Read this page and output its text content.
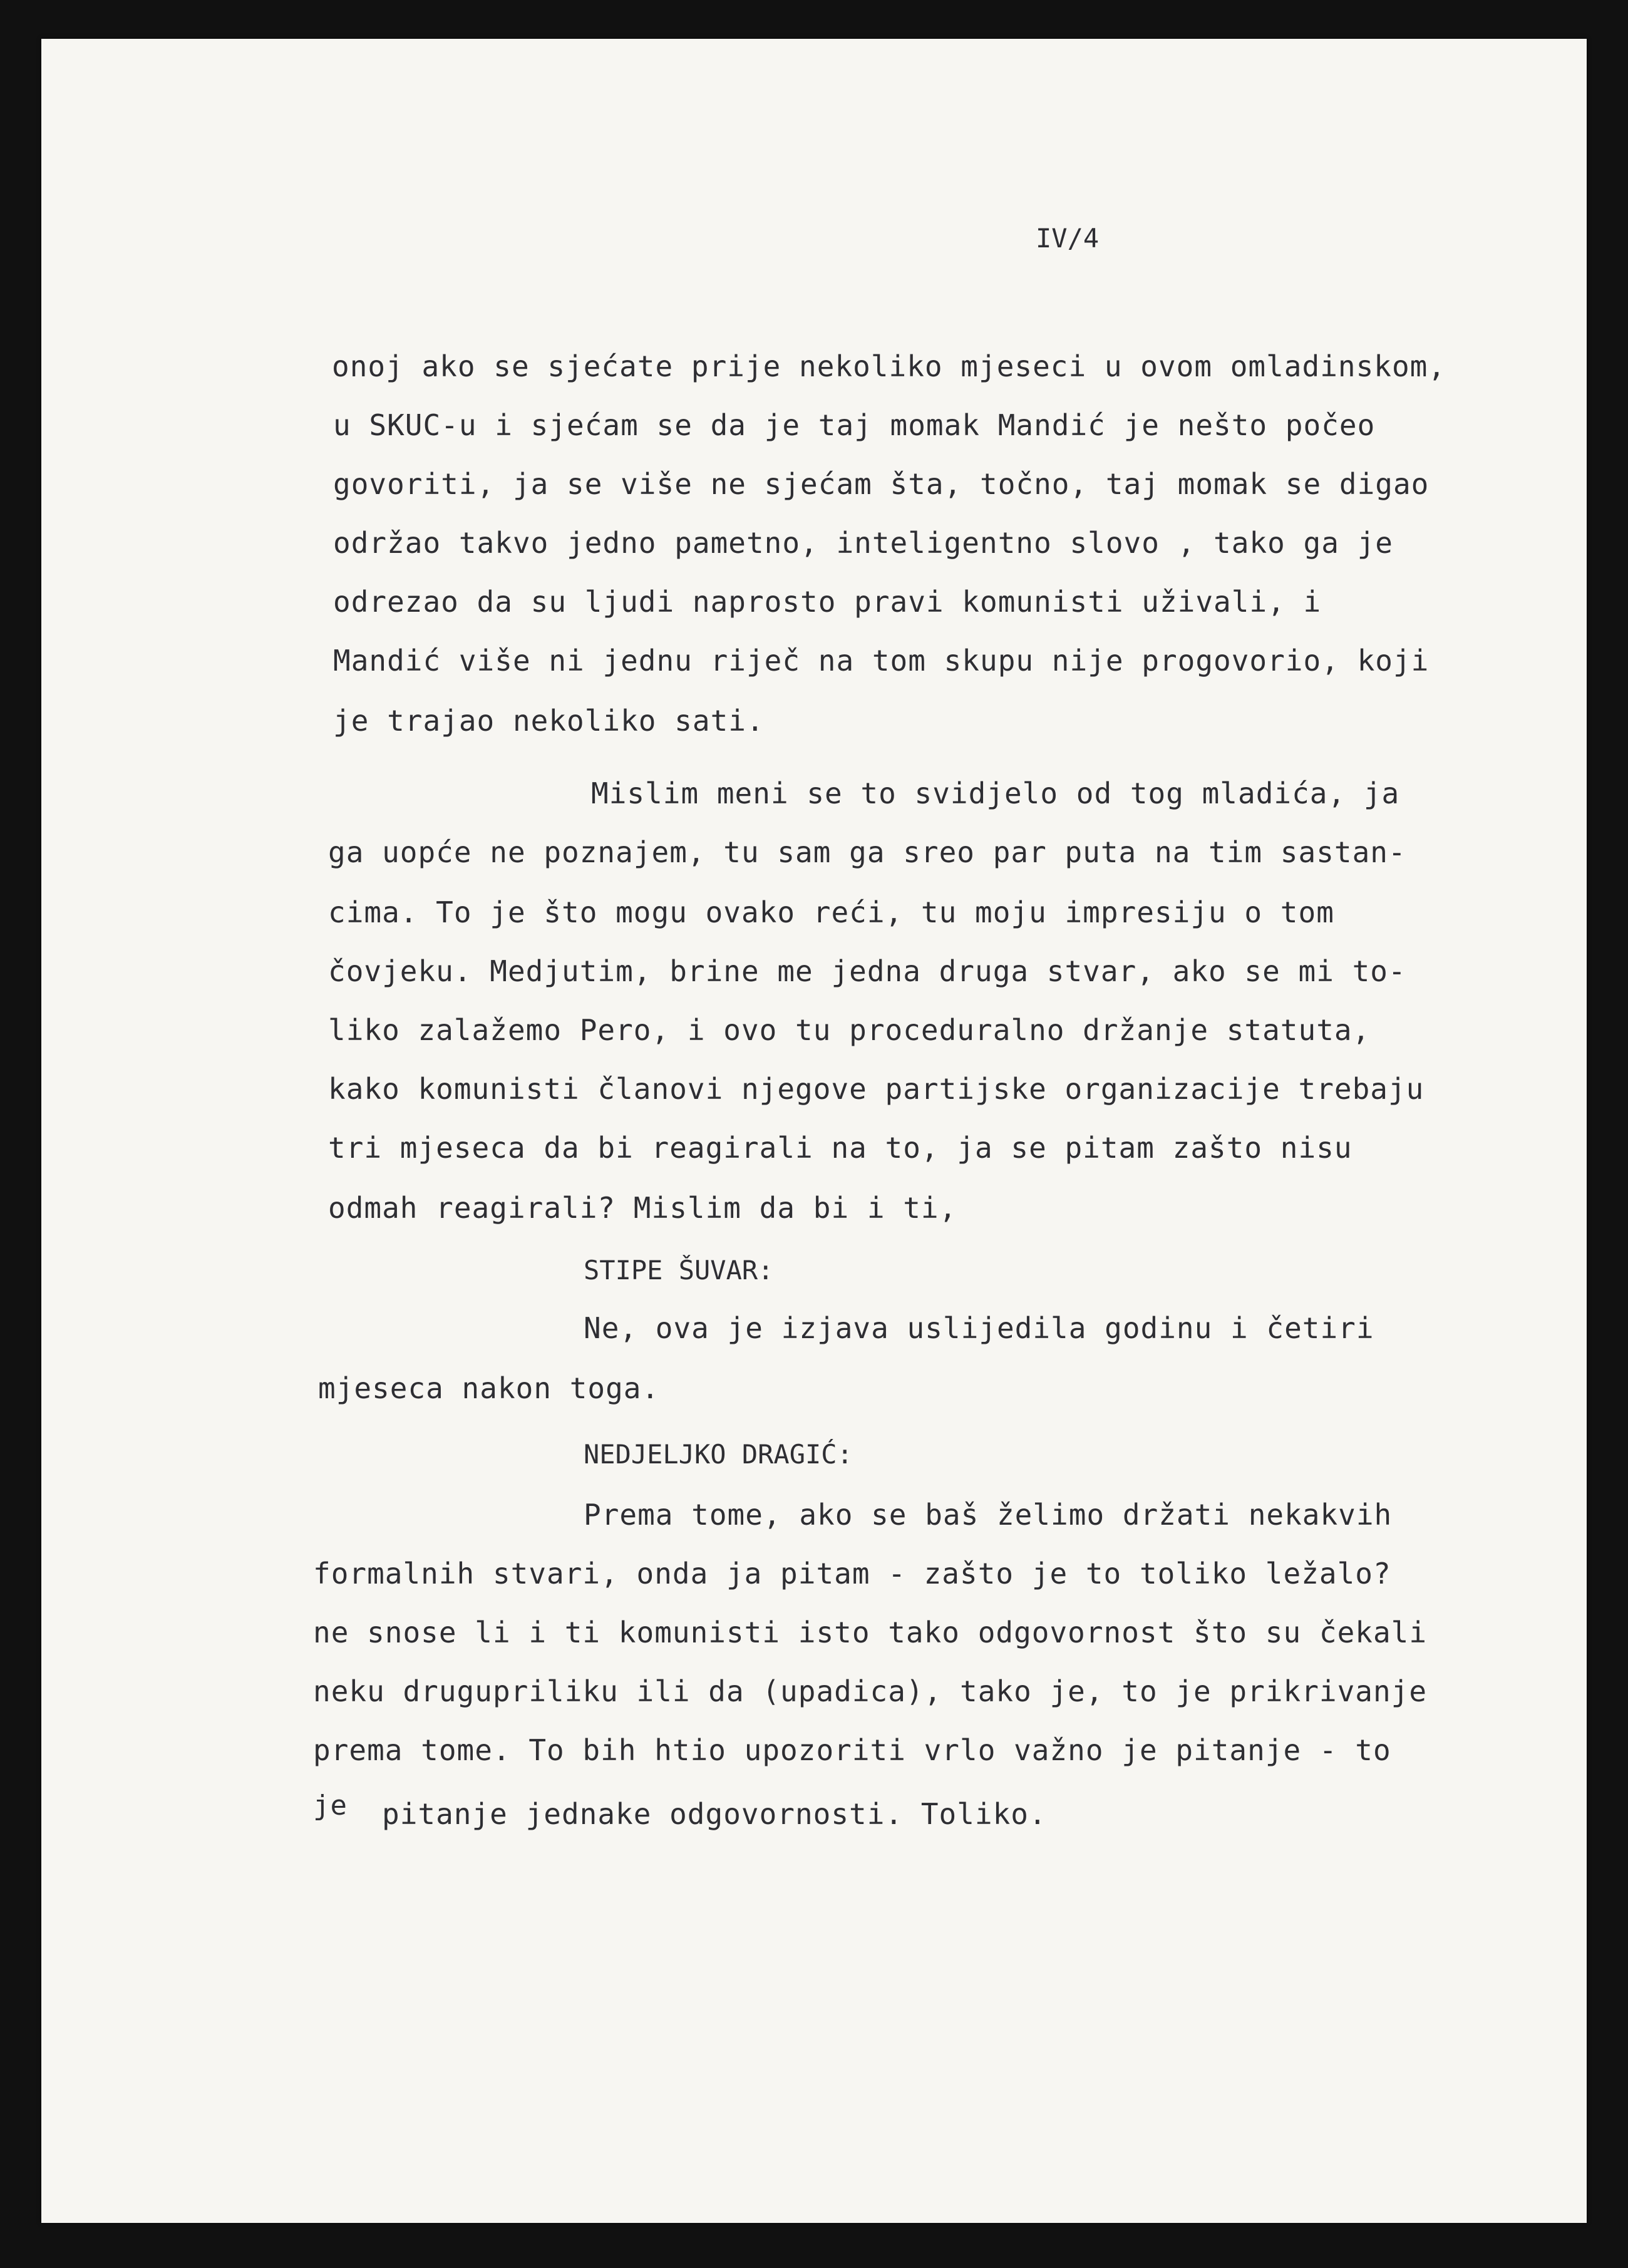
IV/4
onoj ako se sjećate prije nekoliko mjeseci u ovom omladinskom,
u SKUC-u i sjećam se da je taj momak Mandić je nešto počeo
govoriti, ja se više ne sjećam šta, točno, taj momak se digao
održao takvo jedno pametno, inteligentno slovo , tako ga je
odrezao da su ljudi naprosto pravi komunisti uživali, i
Mandić više ni jednu riječ na tom skupu nije progovorio, koji
je trajao nekoliko sati.
Mislim meni se to svidjelo od tog mladića, ja
ga uopće ne poznajem, tu sam ga sreo par puta na tim sastan-
cima. To je što mogu ovako reći, tu moju impresiju o tom
čovjeku. Medjutim, brine me jedna druga stvar, ako se mi to-
liko zalažemo Pero, i ovo tu proceduralno držanje statuta,
kako komunisti članovi njegove partijske organizacije trebaju
tri mjeseca da bi reagirali na to, ja se pitam zašto nisu
odmah reagirali? Mislim da bi i ti,
STIPE ŠUVAR:
Ne, ova je izjava uslijedila godinu i četiri
mjeseca nakon toga.
NEDJELJKO DRAGIĆ:
Prema tome, ako se baš želimo držati nekakvih
formalnih stvari, onda ja pitam - zašto je to toliko ležalo?
ne snose li i ti komunisti isto tako odgovornost što su čekali
neku drugupriliku ili da (upadica), tako je, to je prikrivanje
prema tome. To bih htio upozoriti vrlo važno je pitanje - to
je pitanje jednake odgovornosti. Toliko.
